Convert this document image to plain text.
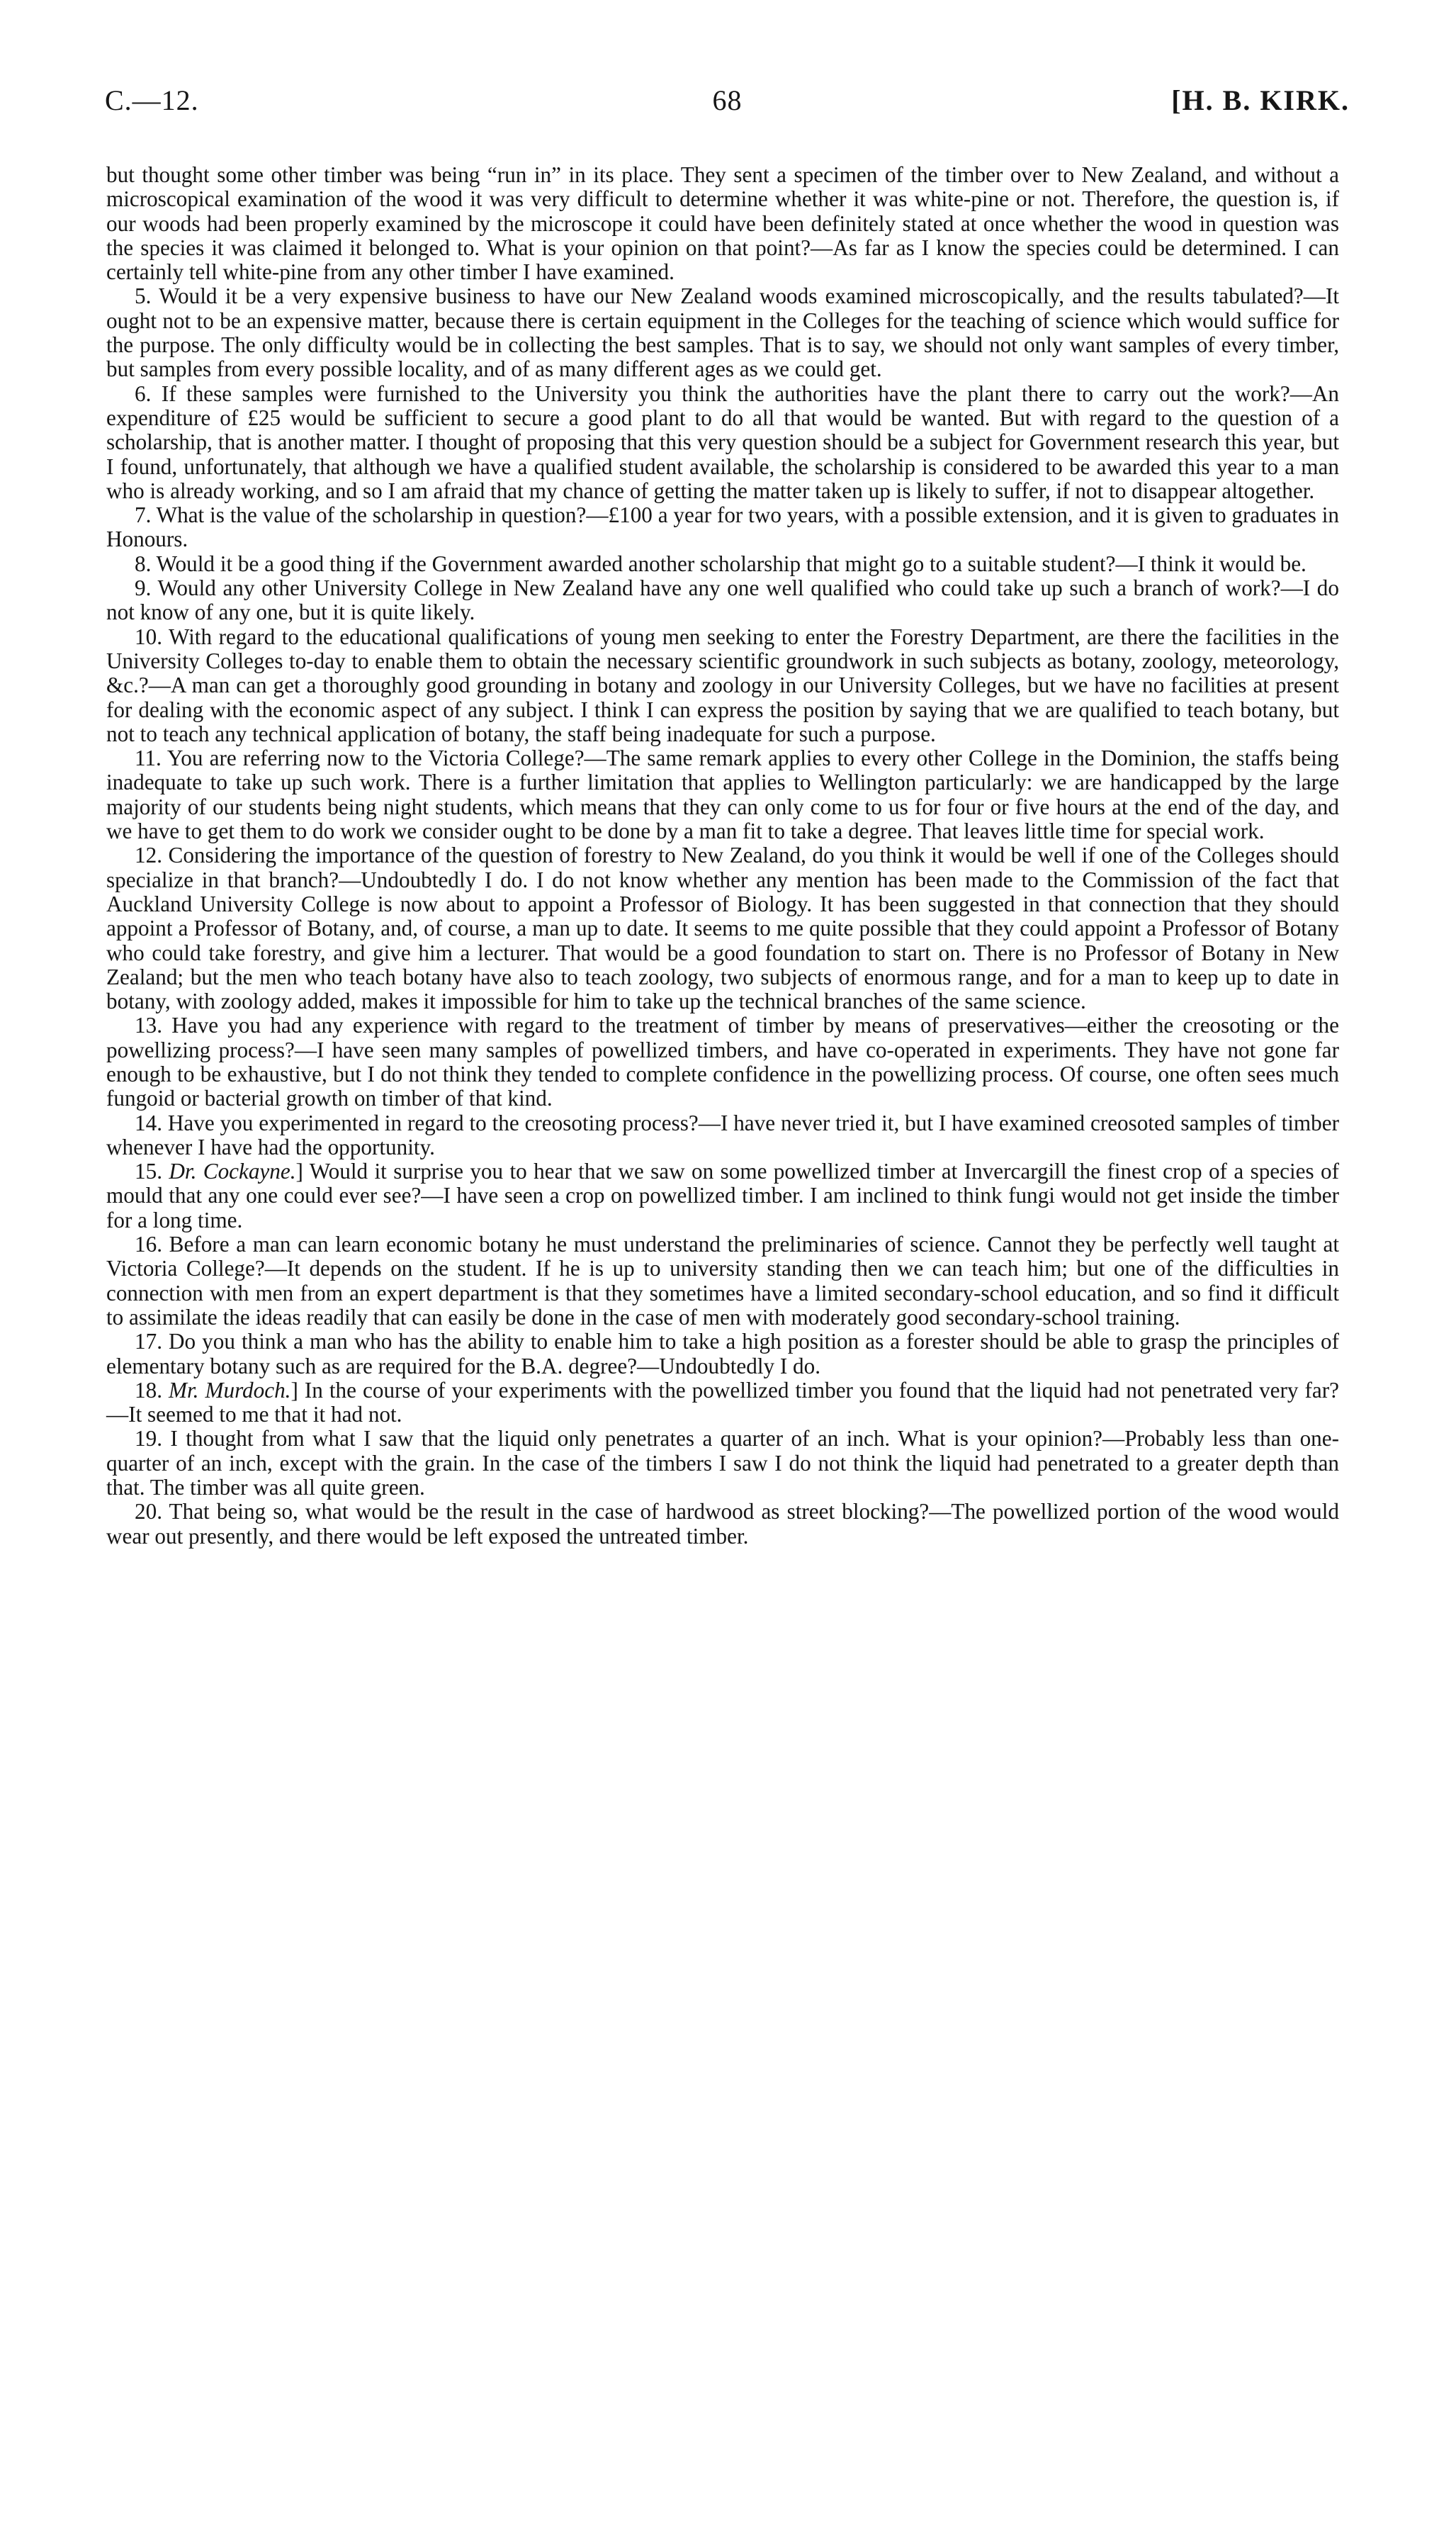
C.—12.	68	[H. B. KIRK.

but thought some other timber was being “run in” in its place. They sent a specimen of the timber over to New Zealand, and without a microscopical examination of the wood it was very difficult to determine whether it was white-pine or not. Therefore, the question is, if our woods had been properly examined by the microscope it could have been definitely stated at once whether the wood in question was the species it was claimed it belonged to. What is your opinion on that point?—As far as I know the species could be determined. I can certainly tell white-pine from any other timber I have examined.

5. Would it be a very expensive business to have our New Zealand woods examined microscopically, and the results tabulated?—It ought not to be an expensive matter, because there is certain equipment in the Colleges for the teaching of science which would suffice for the purpose. The only difficulty would be in collecting the best samples. That is to say, we should not only want samples of every timber, but samples from every possible locality, and of as many different ages as we could get.

6. If these samples were furnished to the University you think the authorities have the plant there to carry out the work?—An expenditure of £25 would be sufficient to secure a good plant to do all that would be wanted. But with regard to the question of a scholarship, that is another matter. I thought of proposing that this very question should be a subject for Government research this year, but I found, unfortunately, that although we have a qualified student available, the scholarship is considered to be awarded this year to a man who is already working, and so I am afraid that my chance of getting the matter taken up is likely to suffer, if not to disappear altogether.

7. What is the value of the scholarship in question?—£100 a year for two years, with a possible extension, and it is given to graduates in Honours.

8. Would it be a good thing if the Government awarded another scholarship that might go to a suitable student?—I think it would be.

9. Would any other University College in New Zealand have any one well qualified who could take up such a branch of work?—I do not know of any one, but it is quite likely.

10. With regard to the educational qualifications of young men seeking to enter the Forestry Department, are there the facilities in the University Colleges to-day to enable them to obtain the necessary scientific groundwork in such subjects as botany, zoology, meteorology, &c.?—A man can get a thoroughly good grounding in botany and zoology in our University Colleges, but we have no facilities at present for dealing with the economic aspect of any subject. I think I can express the position by saying that we are qualified to teach botany, but not to teach any technical application of botany, the staff being inadequate for such a purpose.

11. You are referring now to the Victoria College?—The same remark applies to every other College in the Dominion, the staffs being inadequate to take up such work. There is a further limitation that applies to Wellington particularly: we are handicapped by the large majority of our students being night students, which means that they can only come to us for four or five hours at the end of the day, and we have to get them to do work we consider ought to be done by a man fit to take a degree. That leaves little time for special work.

12. Considering the importance of the question of forestry to New Zealand, do you think it would be well if one of the Colleges should specialize in that branch?—Undoubtedly I do. I do not know whether any mention has been made to the Commission of the fact that Auckland University College is now about to appoint a Professor of Biology. It has been suggested in that connection that they should appoint a Professor of Botany, and, of course, a man up to date. It seems to me quite possible that they could appoint a Professor of Botany who could take forestry, and give him a lecturer. That would be a good foundation to start on. There is no Professor of Botany in New Zealand; but the men who teach botany have also to teach zoology, two subjects of enormous range, and for a man to keep up to date in botany, with zoology added, makes it impossible for him to take up the technical branches of the same science.

13. Have you had any experience with regard to the treatment of timber by means of preservatives—either the creosoting or the powellizing process?—I have seen many samples of powellized timbers, and have co-operated in experiments. They have not gone far enough to be exhaustive, but I do not think they tended to complete confidence in the powellizing process. Of course, one often sees much fungoid or bacterial growth on timber of that kind.

14. Have you experimented in regard to the creosoting process?—I have never tried it, but I have examined creosoted samples of timber whenever I have had the opportunity.

15. Dr. Cockayne.] Would it surprise you to hear that we saw on some powellized timber at Invercargill the finest crop of a species of mould that any one could ever see?—I have seen a crop on powellized timber. I am inclined to think fungi would not get inside the timber for a long time.

16. Before a man can learn economic botany he must understand the preliminaries of science. Cannot they be perfectly well taught at Victoria College?—It depends on the student. If he is up to university standing then we can teach him; but one of the difficulties in connection with men from an expert department is that they sometimes have a limited secondary-school education, and so find it difficult to assimilate the ideas readily that can easily be done in the case of men with moderately good secondary-school training.

17. Do you think a man who has the ability to enable him to take a high position as a forester should be able to grasp the principles of elementary botany such as are required for the B.A. degree?—Undoubtedly I do.

18. Mr. Murdoch.] In the course of your experiments with the powellized timber you found that the liquid had not penetrated very far?—It seemed to me that it had not.

19. I thought from what I saw that the liquid only penetrates a quarter of an inch. What is your opinion?—Probably less than one-quarter of an inch, except with the grain. In the case of the timbers I saw I do not think the liquid had penetrated to a greater depth than that. The timber was all quite green.

20. That being so, what would be the result in the case of hardwood as street blocking?—The powellized portion of the wood would wear out presently, and there would be left exposed the untreated timber.
